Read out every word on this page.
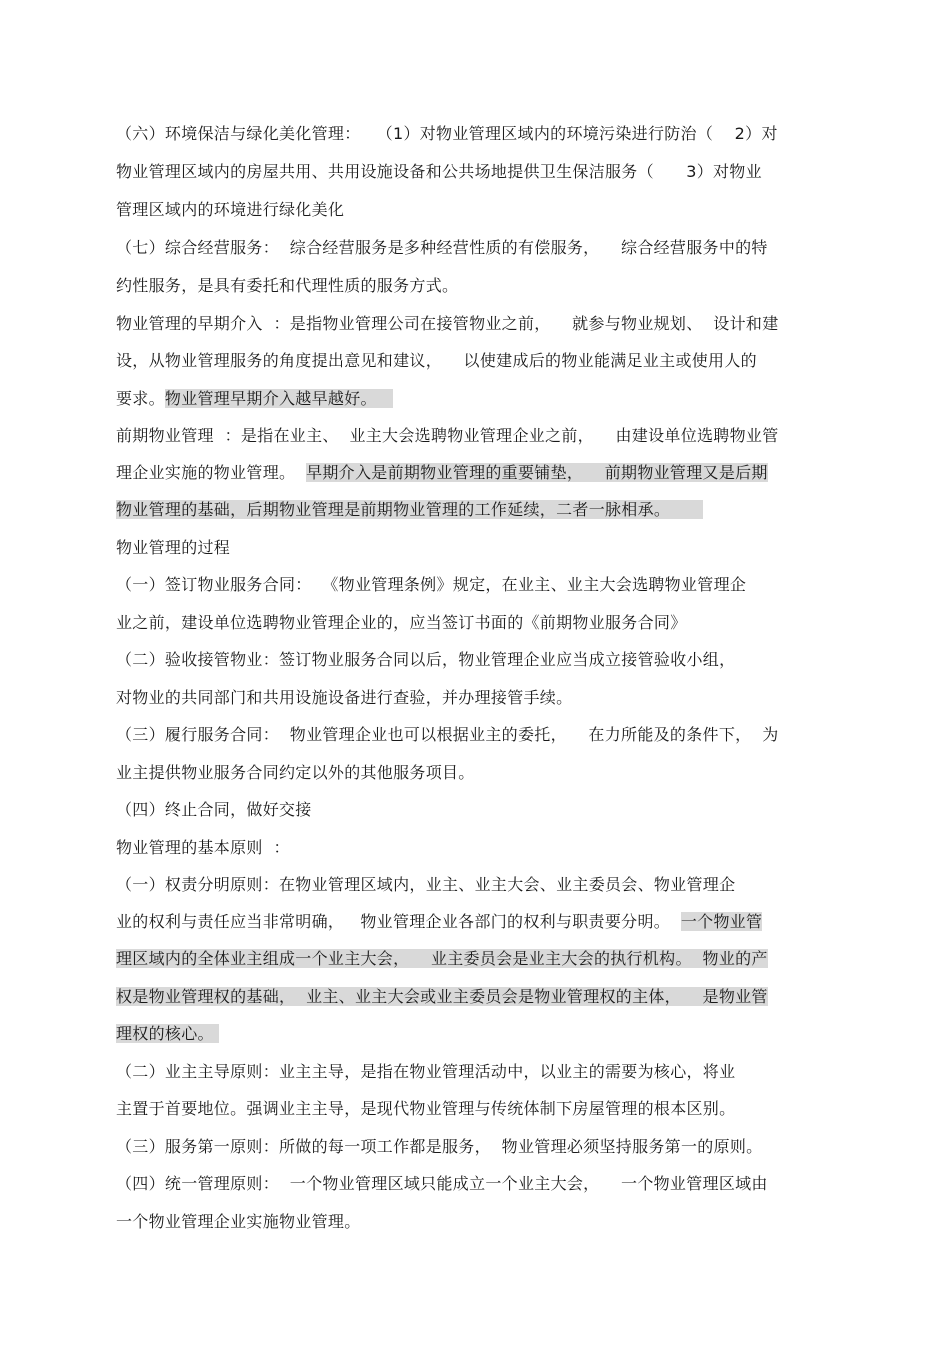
（六）环境保洁与绿化美化管理：   （1）对物业管理区域内的环境污染进行防治（    2）对
物业管理区域内的房屋共用、共用设施设备和公共场地提供卫生保洁服务（      3）对物业
管理区域内的环境进行绿化美化
（七）综合经营服务：  综合经营服务是多种经营性质的有偿服务，    综合经营服务中的特
约性服务，是具有委托和代理性质的服务方式。
物业管理的早期介入  ：是指物业管理公司在接管物业之前，    就参与物业规划、  设计和建
设，从物业管理服务的角度提出意见和建议，    以使建成后的物业能满足业主或使用人的
要求。物业管理早期介入越早越好。
前期物业管理  ：是指在业主、  业主大会选聘物业管理企业之前，    由建设单位选聘物业管
理企业实施的物业管理。  早期介入是前期物业管理的重要铺垫，    前期物业管理又是后期
物业管理的基础，后期物业管理是前期物业管理的工作延续，二者一脉相承。
物业管理的过程
（一）签订物业服务合同：  《物业管理条例》规定，在业主、业主大会选聘物业管理企
业之前，建设单位选聘物业管理企业的，应当签订书面的《前期物业服务合同》
（二）验收接管物业：签订物业服务合同以后，物业管理企业应当成立接管验收小组，
对物业的共同部门和共用设施设备进行查验，并办理接管手续。
（三）履行服务合同：  物业管理企业也可以根据业主的委托，    在力所能及的条件下，  为
业主提供物业服务合同约定以外的其他服务项目。
（四）终止合同，做好交接
物业管理的基本原则  ：
（一）权责分明原则：在物业管理区域内，业主、业主大会、业主委员会、物业管理企
业的权利与责任应当非常明确，   物业管理企业各部门的权利与职责要分明。  一个物业管
理区域内的全体业主组成一个业主大会，    业主委员会是业主大会的执行机构。  物业的产
权是物业管理权的基础，  业主、业主大会或业主委员会是物业管理权的主体，    是物业管
理权的核心。
（二）业主主导原则：业主主导，是指在物业管理活动中，以业主的需要为核心，将业
主置于首要地位。强调业主主导，是现代物业管理与传统体制下房屋管理的根本区别。
（三）服务第一原则：所做的每一项工作都是服务，  物业管理必须坚持服务第一的原则。
（四）统一管理原则：  一个物业管理区域只能成立一个业主大会，    一个物业管理区域由
一个物业管理企业实施物业管理。
